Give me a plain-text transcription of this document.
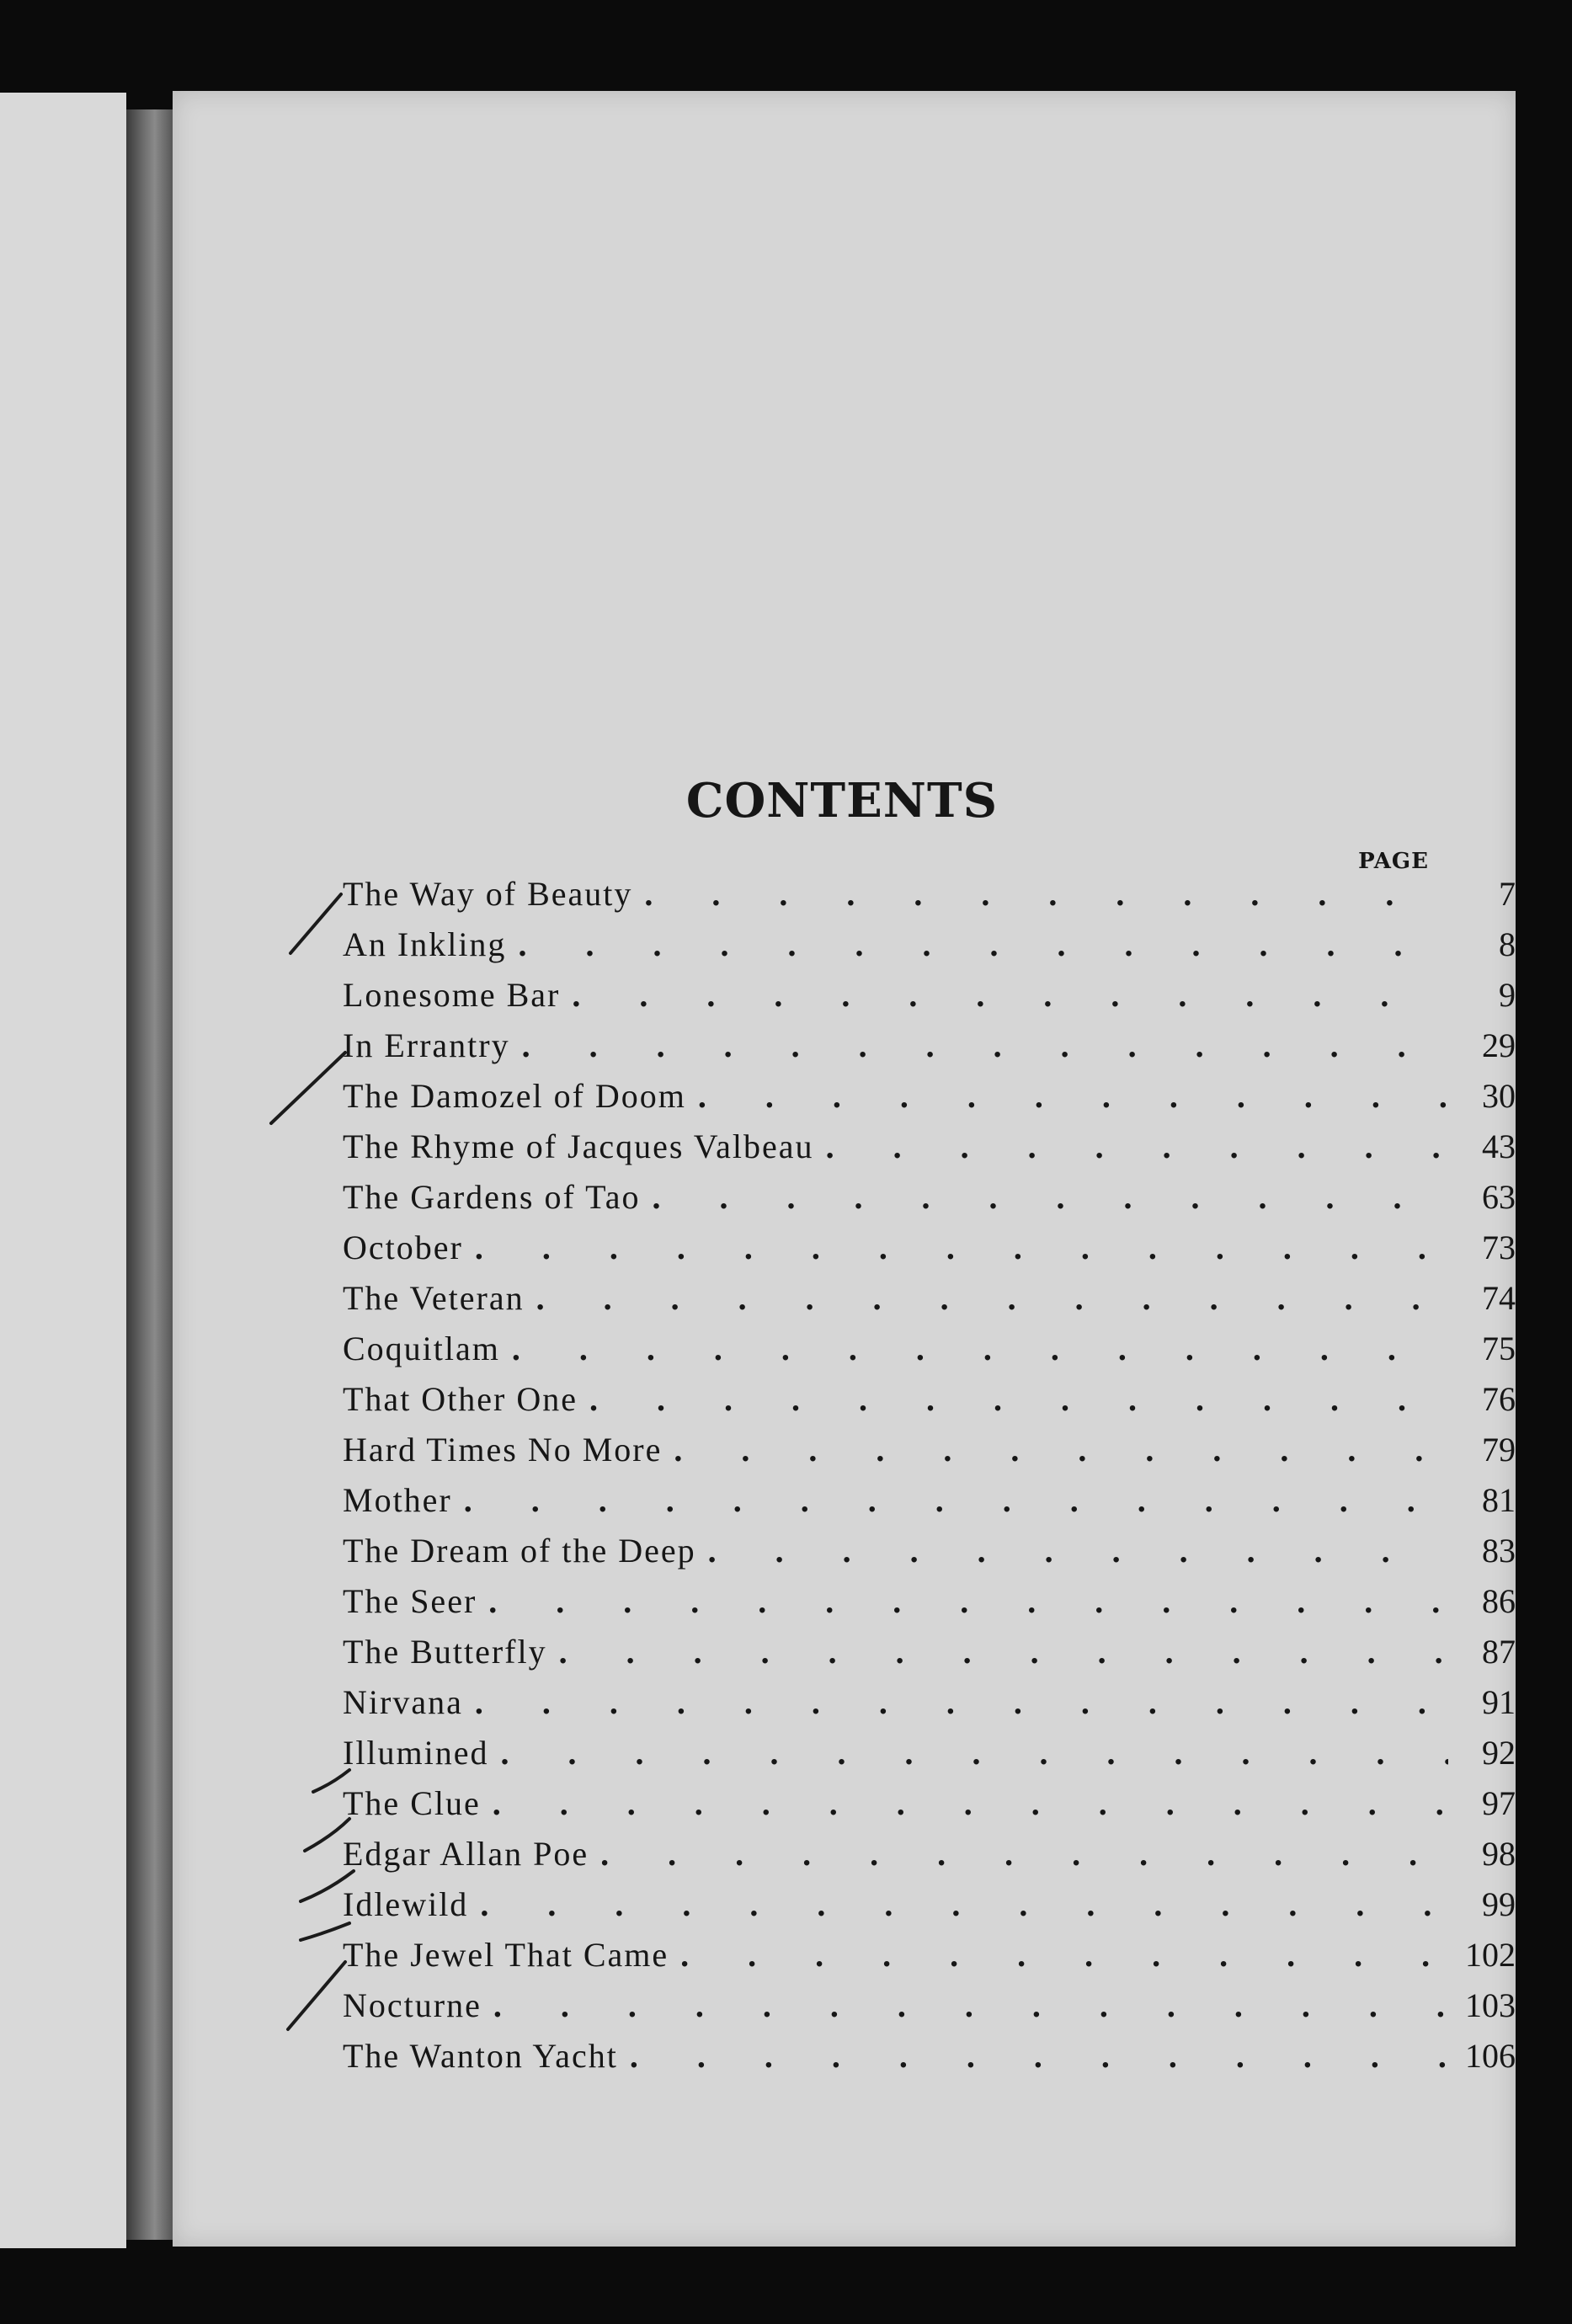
CONTENTS
PAGE
The Way of Beauty .	7
An Inkling .	8
Lonesome Bar .	9
In Errantry .	29
The Damozel of Doom .	30
The Rhyme of Jacques Valbeau .	43
The Gardens of Tao .	63
October .	73
The Veteran .	74
Coquitlam .	75
That Other One .	76
Hard Times No More .	79
Mother .	81
The Dream of the Deep .	83
The Seer .	86
The Butterfly .	87
Nirvana .	91
Illumined .	92
The Clue .	97
Edgar Allan Poe .	98
Idlewild .	99
The Jewel That Came .	102
Nocturne .	103
The Wanton Yacht .	106
